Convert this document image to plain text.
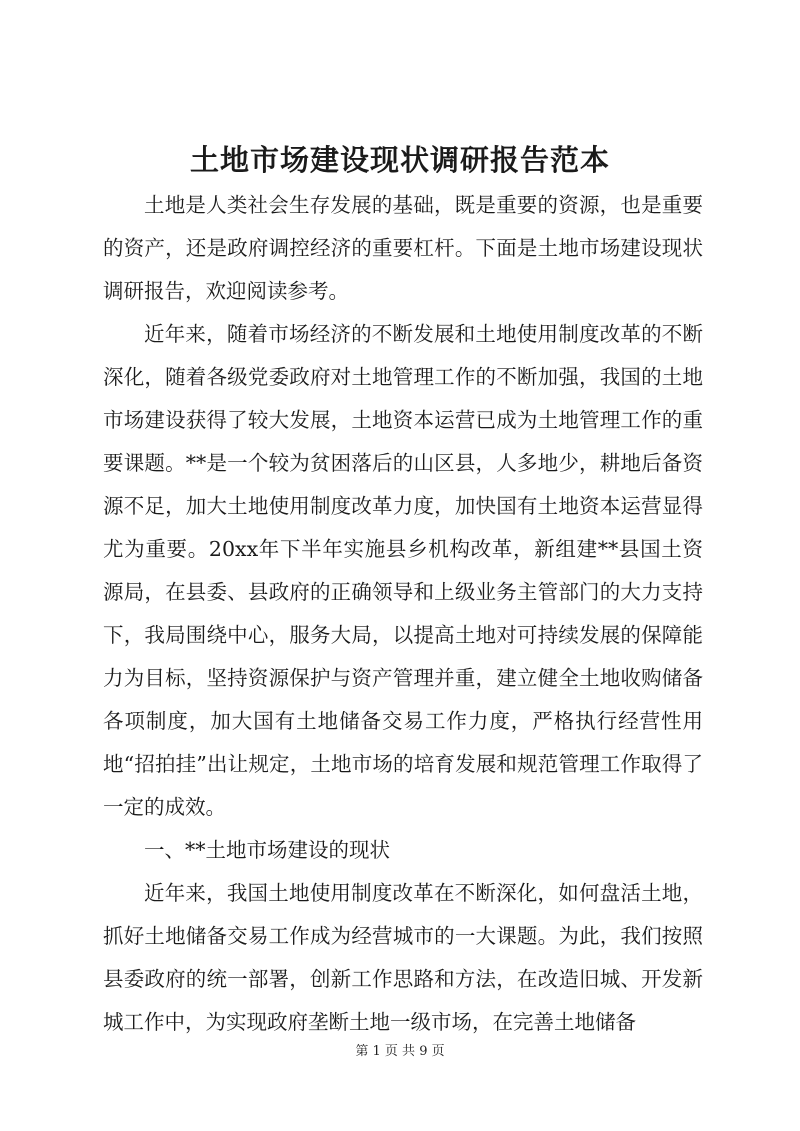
土地市场建设现状调研报告范本

土地是人类社会生存发展的基础，既是重要的资源，也是重要的资产，还是政府调控经济的重要杠杆。下面是土地市场建设现状调研报告，欢迎阅读参考。

近年来，随着市场经济的不断发展和土地使用制度改革的不断深化，随着各级党委政府对土地管理工作的不断加强，我国的土地市场建设获得了较大发展，土地资本运营已成为土地管理工作的重要课题。**是一个较为贫困落后的山区县，人多地少，耕地后备资源不足，加大土地使用制度改革力度，加快国有土地资本运营显得尤为重要。20xx年下半年实施县乡机构改革，新组建**县国土资源局，在县委、县政府的正确领导和上级业务主管部门的大力支持下，我局围绕中心，服务大局，以提高土地对可持续发展的保障能力为目标，坚持资源保护与资产管理并重，建立健全土地收购储备各项制度，加大国有土地储备交易工作力度，严格执行经营性用地“招拍挂”出让规定，土地市场的培育发展和规范管理工作取得了一定的成效。

一、**土地市场建设的现状

近年来，我国土地使用制度改革在不断深化，如何盘活土地，抓好土地储备交易工作成为经营城市的一大课题。为此，我们按照县委政府的统一部署，创新工作思路和方法，在改造旧城、开发新城工作中，为实现政府垄断土地一级市场，在完善土地储备

第 1 页 共 9 页
